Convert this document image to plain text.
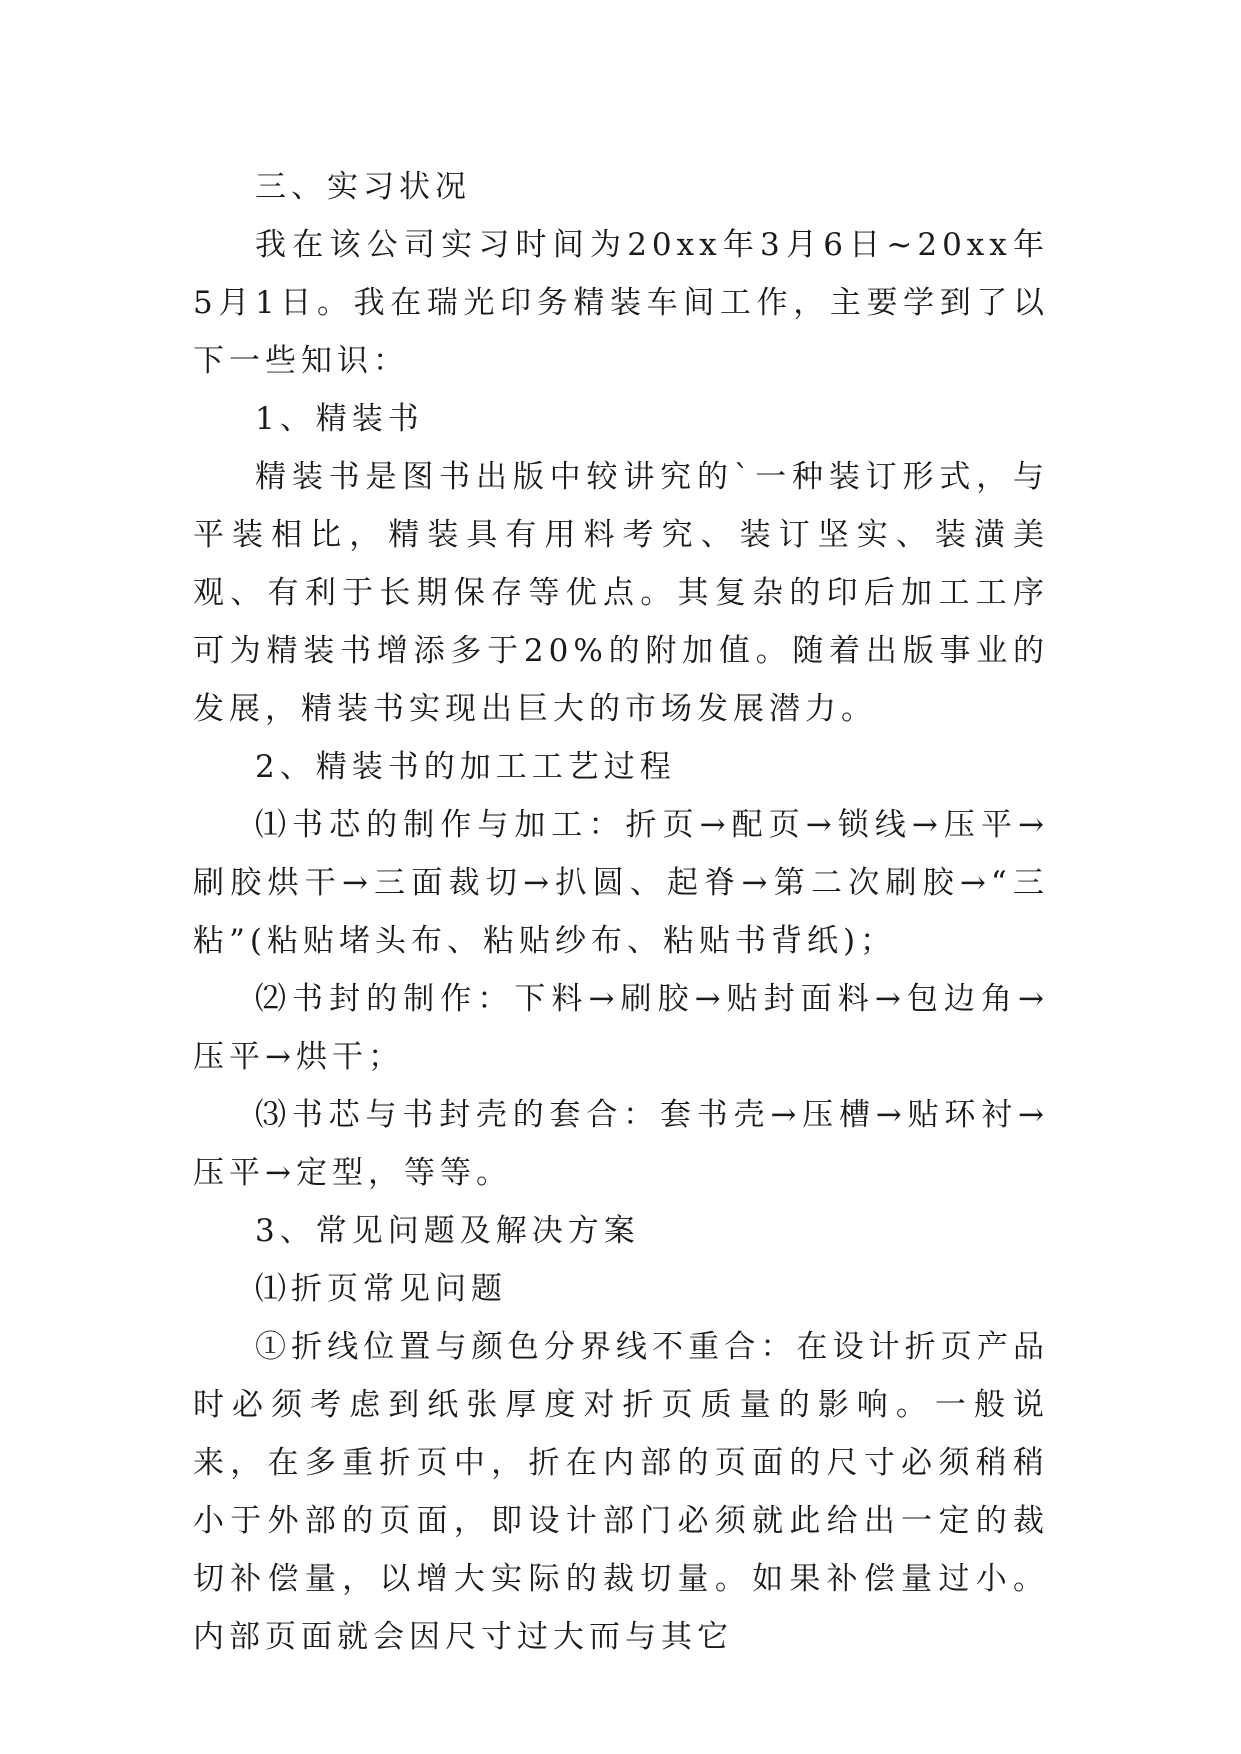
三、实习状况

我在该公司实习时间为20xx年3月6日~20xx年5月1日。我在瑞光印务精装车间工作，主要学到了以下一些知识：

1、精装书

精装书是图书出版中较讲究的`一种装订形式，与平装相比，精装具有用料考究、装订坚实、装潢美观、有利于长期保存等优点。其复杂的印后加工工序可为精装书增添多于20%的附加值。随着出版事业的发展，精装书实现出巨大的市场发展潜力。

2、精装书的加工工艺过程

⑴书芯的制作与加工：折页→配页→锁线→压平→刷胶烘干→三面裁切→扒圆、起脊→第二次刷胶→“三粘”(粘贴堵头布、粘贴纱布、粘贴书背纸)；

⑵书封的制作：下料→刷胶→贴封面料→包边角→压平→烘干；

⑶书芯与书封壳的套合：套书壳→压槽→贴环衬→压平→定型，等等。

3、常见问题及解决方案

⑴折页常见问题

①折线位置与颜色分界线不重合：在设计折页产品时必须考虑到纸张厚度对折页质量的影响。一般说来，在多重折页中，折在内部的页面的尺寸必须稍稍小于外部的页面，即设计部门必须就此给出一定的裁切补偿量，以增大实际的裁切量。如果补偿量过小。内部页面就会因尺寸过大而与其它
